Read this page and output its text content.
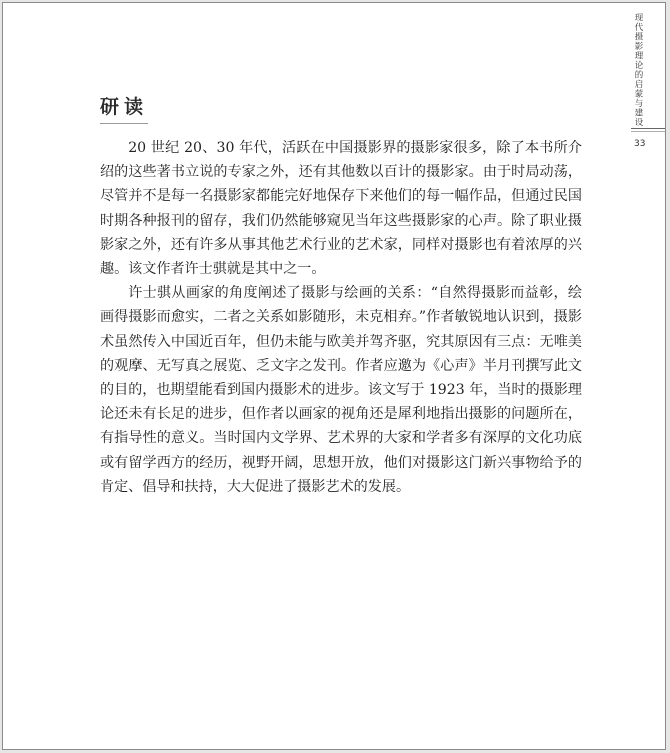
现代摄影理论的启蒙与建设
33
研读

20 世纪 20、30 年代，活跃在中国摄影界的摄影家很多，除了本书所介绍的这些著书立说的专家之外，还有其他数以百计的摄影家。由于时局动荡，尽管并不是每一名摄影家都能完好地保存下来他们的每一幅作品，但通过民国时期各种报刊的留存，我们仍然能够窥见当年这些摄影家的心声。除了职业摄影家之外，还有许多从事其他艺术行业的艺术家，同样对摄影也有着浓厚的兴趣。该文作者许士骐就是其中之一。

许士骐从画家的角度阐述了摄影与绘画的关系：“自然得摄影而益彰，绘画得摄影而愈实，二者之关系如影随形，未克相弃。”作者敏锐地认识到，摄影术虽然传入中国近百年，但仍未能与欧美并驾齐驱，究其原因有三点：无唯美的观摩、无写真之展览、乏文字之发刊。作者应邀为《心声》半月刊撰写此文的目的，也期望能看到国内摄影术的进步。该文写于 1923 年，当时的摄影理论还未有长足的进步，但作者以画家的视角还是犀利地指出摄影的问题所在，有指导性的意义。当时国内文学界、艺术界的大家和学者多有深厚的文化功底或有留学西方的经历，视野开阔，思想开放，他们对摄影这门新兴事物给予的肯定、倡导和扶持，大大促进了摄影艺术的发展。
